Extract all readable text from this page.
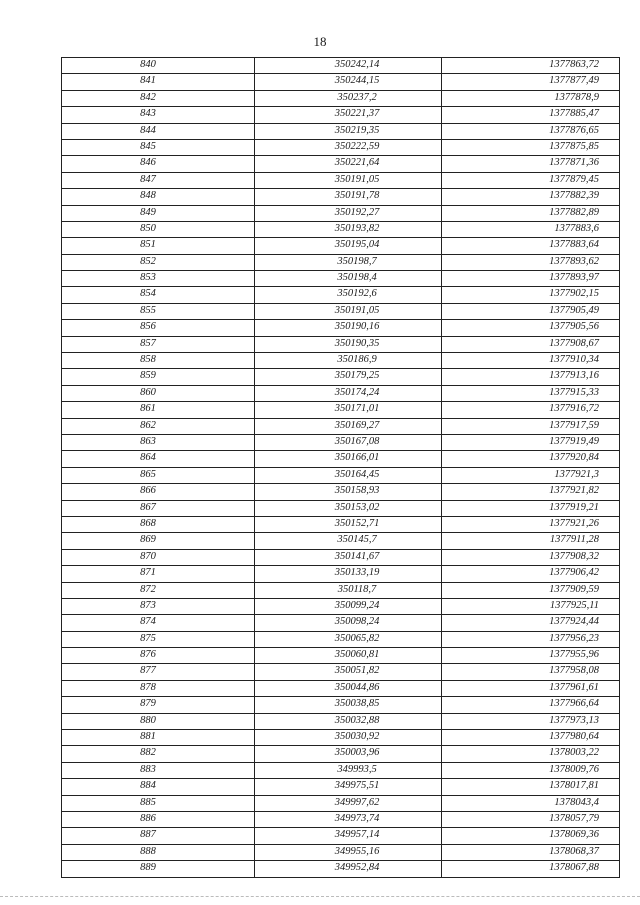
18
840	350242,14	1377863,72
841	350244,15	1377877,49
842	350237,2	1377878,9
843	350221,37	1377885,47
844	350219,35	1377876,65
845	350222,59	1377875,85
846	350221,64	1377871,36
847	350191,05	1377879,45
848	350191,78	1377882,39
849	350192,27	1377882,89
850	350193,82	1377883,6
851	350195,04	1377883,64
852	350198,7	1377893,62
853	350198,4	1377893,97
854	350192,6	1377902,15
855	350191,05	1377905,49
856	350190,16	1377905,56
857	350190,35	1377908,67
858	350186,9	1377910,34
859	350179,25	1377913,16
860	350174,24	1377915,33
861	350171,01	1377916,72
862	350169,27	1377917,59
863	350167,08	1377919,49
864	350166,01	1377920,84
865	350164,45	1377921,3
866	350158,93	1377921,82
867	350153,02	1377919,21
868	350152,71	1377921,26
869	350145,7	1377911,28
870	350141,67	1377908,32
871	350133,19	1377906,42
872	350118,7	1377909,59
873	350099,24	1377925,11
874	350098,24	1377924,44
875	350065,82	1377956,23
876	350060,81	1377955,96
877	350051,82	1377958,08
878	350044,86	1377961,61
879	350038,85	1377966,64
880	350032,88	1377973,13
881	350030,92	1377980,64
882	350003,96	1378003,22
883	349993,5	1378009,76
884	349975,51	1378017,81
885	349997,62	1378043,4
886	349973,74	1378057,79
887	349957,14	1378069,36
888	349955,16	1378068,37
889	349952,84	1378067,88
